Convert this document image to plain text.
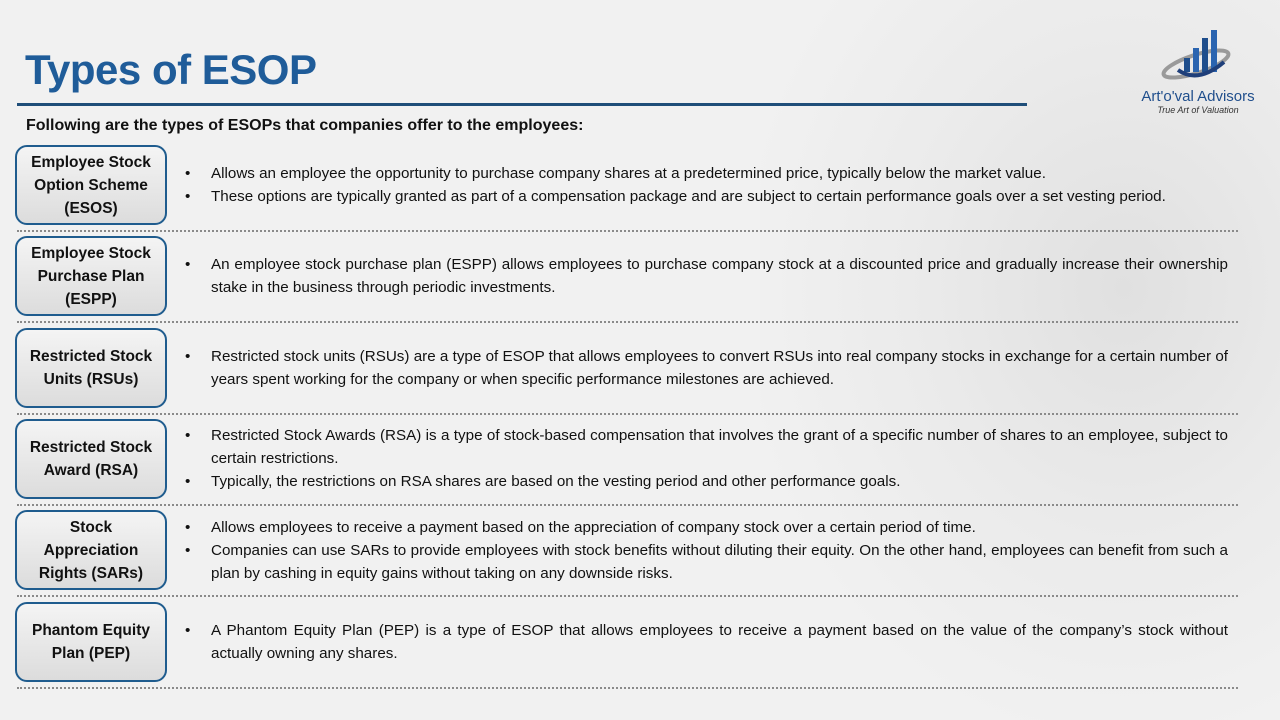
Types of ESOP
Art'o'val Advisors
True Art of Valuation
Following are the types of ESOPs that companies offer to the employees:
Employee Stock Option Scheme (ESOS)
• Allows an employee the opportunity to purchase company shares at a predetermined price, typically below the market value.
• These options are typically granted as part of a compensation package and are subject to certain performance goals over a set vesting period.
Employee Stock Purchase Plan (ESPP)
• An employee stock purchase plan (ESPP) allows employees to purchase company stock at a discounted price and gradually increase their ownership stake in the business through periodic investments.
Restricted Stock Units (RSUs)
• Restricted stock units (RSUs) are a type of ESOP that allows employees to convert RSUs into real company stocks in exchange for a certain number of years spent working for the company or when specific performance milestones are achieved.
Restricted Stock Award (RSA)
• Restricted Stock Awards (RSA) is a type of stock-based compensation that involves the grant of a specific number of shares to an employee, subject to certain restrictions.
• Typically, the restrictions on RSA shares are based on the vesting period and other performance goals.
Stock Appreciation Rights (SARs)
• Allows employees to receive a payment based on the appreciation of company stock over a certain period of time.
• Companies can use SARs to provide employees with stock benefits without diluting their equity. On the other hand, employees can benefit from such a plan by cashing in equity gains without taking on any downside risks.
Phantom Equity Plan (PEP)
• A Phantom Equity Plan (PEP) is a type of ESOP that allows employees to receive a payment based on the value of the company’s stock without actually owning any shares.
